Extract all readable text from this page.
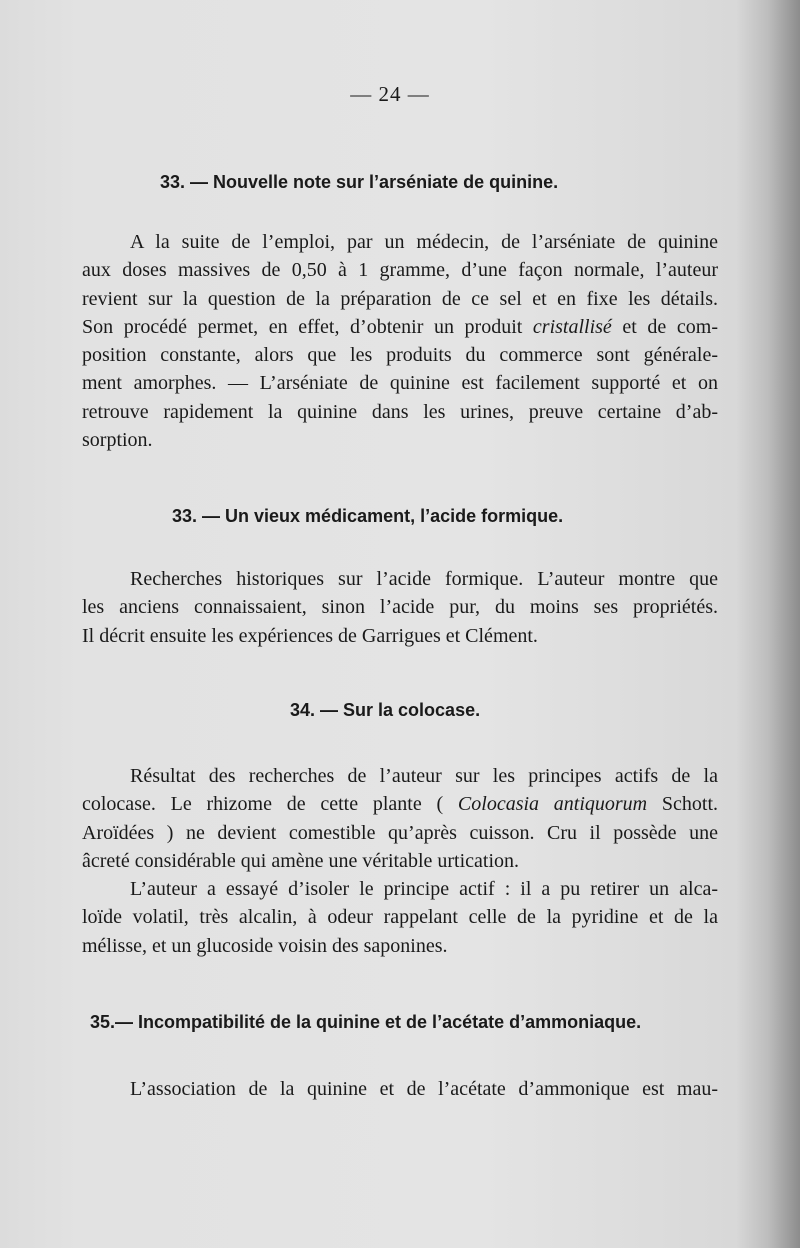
— 24 —
33. — Nouvelle note sur l’arséniate de quinine.
A la suite de l’emploi, par un médecin, de l’arséniate de quinine
aux doses massives de 0,50 à 1 gramme, d’une façon normale, l’auteur
revient sur la question de la préparation de ce sel et en fixe les détails.
Son procédé permet, en effet, d’obtenir un produit cristallisé et de com-
position constante, alors que les produits du commerce sont générale-
ment amorphes. — L’arséniate de quinine est facilement supporté et on
retrouve rapidement la quinine dans les urines, preuve certaine d’ab-
sorption.
33. — Un vieux médicament, l’acide formique.
Recherches historiques sur l’acide formique. L’auteur montre que
les anciens connaissaient, sinon l’acide pur, du moins ses propriétés.
Il décrit ensuite les expériences de Garrigues et Clément.
34. — Sur la colocase.
Résultat des recherches de l’auteur sur les principes actifs de la
colocase. Le rhizome de cette plante ( Colocasia antiquorum Schott.
Aroïdées ) ne devient comestible qu’après cuisson. Cru il possède une
âcreté considérable qui amène une véritable urtication.
L’auteur a essayé d’isoler le principe actif : il a pu retirer un alca-
loïde volatil, très alcalin, à odeur rappelant celle de la pyridine et de la
mélisse, et un glucoside voisin des saponines.
35.— Incompatibilité de la quinine et de l’acétate d’ammoniaque.
L’association de la quinine et de l’acétate d’ammonique est mau-
